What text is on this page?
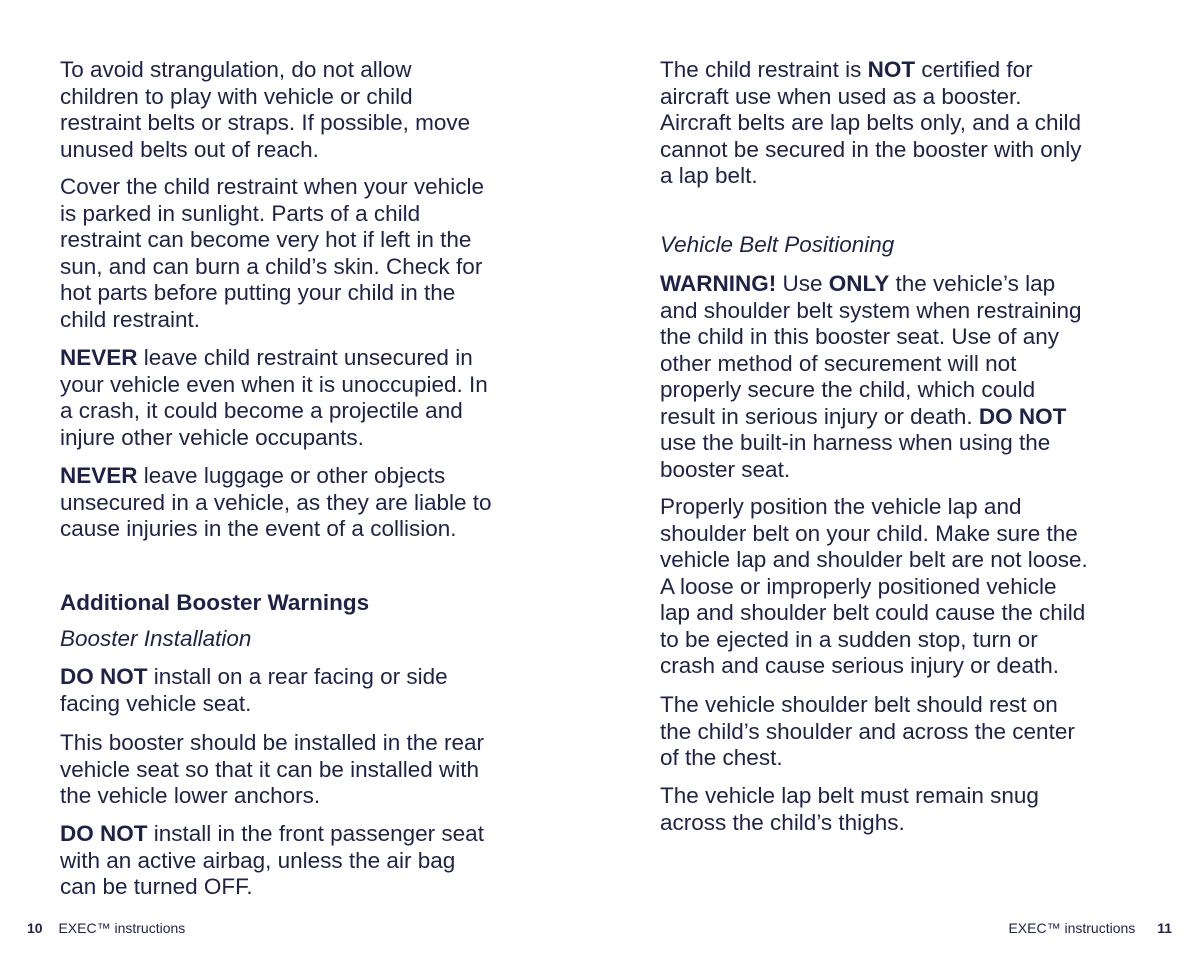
To avoid strangulation, do not allow
children to play with vehicle or child
restraint belts or straps. If possible, move
unused belts out of reach.
Cover the child restraint when your vehicle
is parked in sunlight. Parts of a child
restraint can become very hot if left in the
sun, and can burn a child’s skin. Check for
hot parts before putting your child in the
child restraint.
NEVER leave child restraint unsecured in
your vehicle even when it is unoccupied. In
a crash, it could become a projectile and
injure other vehicle occupants.
NEVER leave luggage or other objects
unsecured in a vehicle, as they are liable to
cause injuries in the event of a collision.
Additional Booster Warnings
Booster Installation
DO NOT install on a rear facing or side
facing vehicle seat.
This booster should be installed in the rear
vehicle seat so that it can be installed with
the vehicle lower anchors.
DO NOT install in the front passenger seat
with an active airbag, unless the air bag
can be turned OFF.
The child restraint is NOT certified for
aircraft use when used as a booster.
Aircraft belts are lap belts only, and a child
cannot be secured in the booster with only
a lap belt.
Vehicle Belt Positioning
WARNING! Use ONLY the vehicle’s lap
and shoulder belt system when restraining
the child in this booster seat. Use of any
other method of securement will not
properly secure the child, which could
result in serious injury or death. DO NOT
use the built-in harness when using the
booster seat.
Properly position the vehicle lap and
shoulder belt on your child. Make sure the
vehicle lap and shoulder belt are not loose.
A loose or improperly positioned vehicle
lap and shoulder belt could cause the child
to be ejected in a sudden stop, turn or
crash and cause serious injury or death.
The vehicle shoulder belt should rest on
the child’s shoulder and across the center
of the chest.
The vehicle lap belt must remain snug
across the child’s thighs.
10 EXEC™ instructions	EXEC™ instructions 11
